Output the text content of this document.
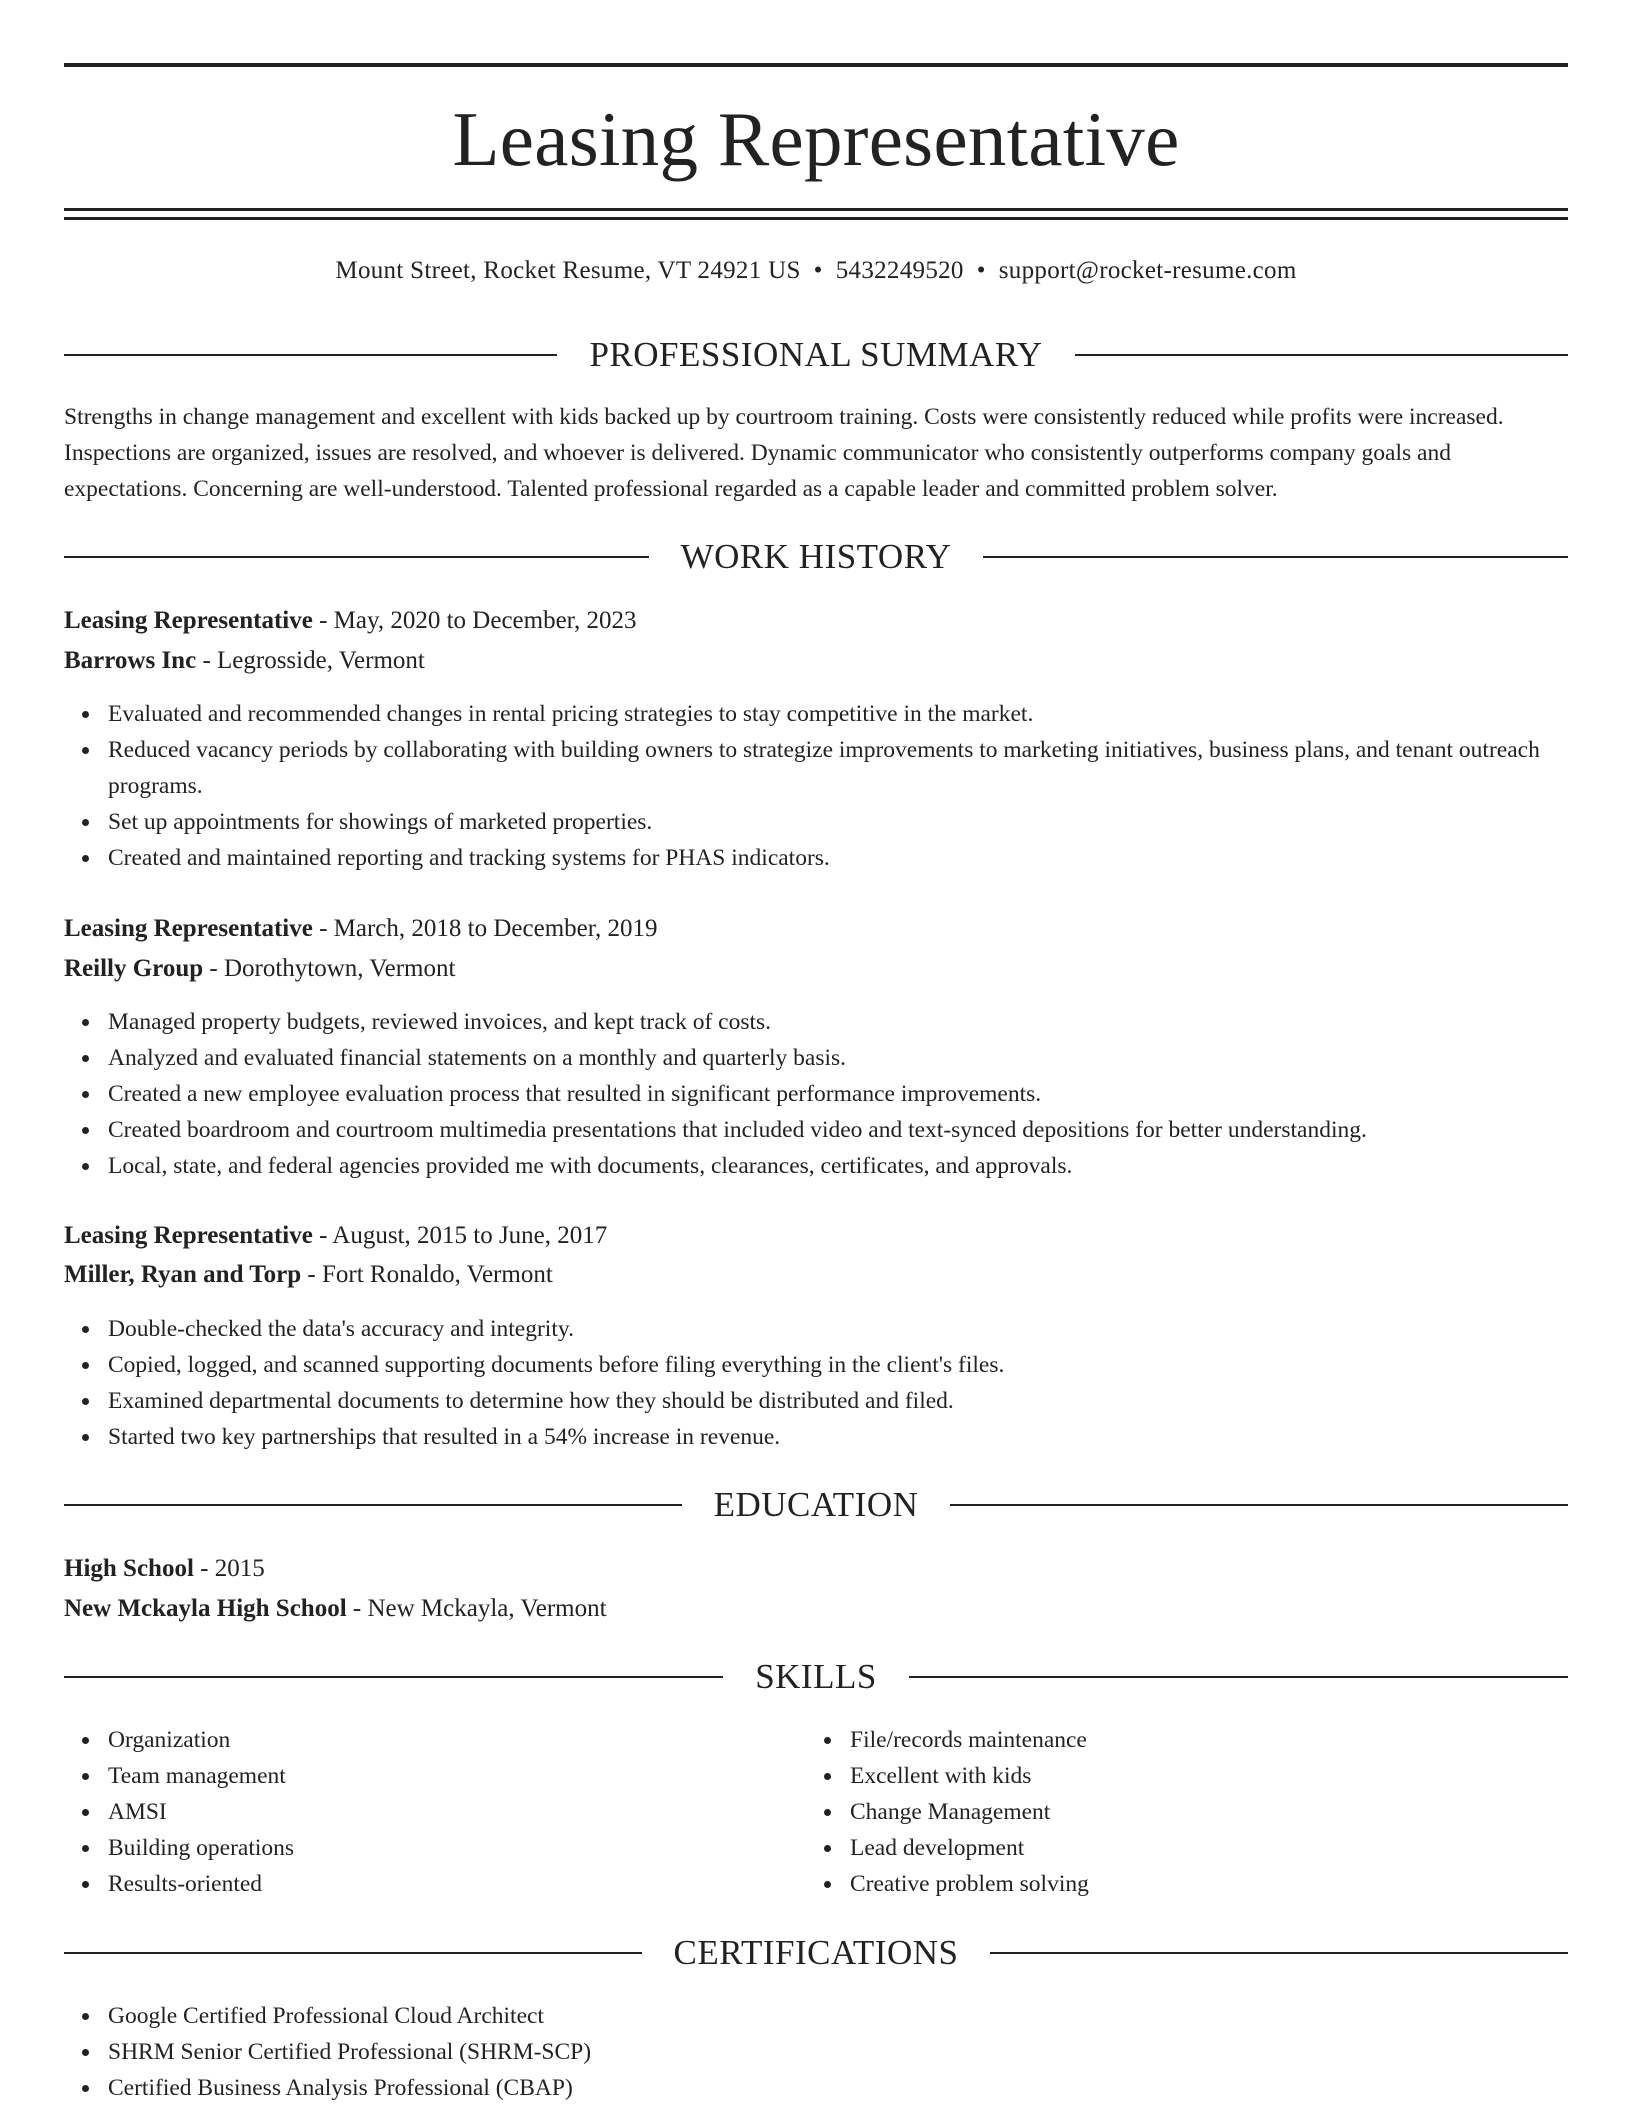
Leasing Representative
Mount Street, Rocket Resume, VT 24921 US • 5432249520 • support@rocket-resume.com
PROFESSIONAL SUMMARY
Strengths in change management and excellent with kids backed up by courtroom training. Costs were consistently reduced while profits were increased. Inspections are organized, issues are resolved, and whoever is delivered. Dynamic communicator who consistently outperforms company goals and expectations. Concerning are well-understood. Talented professional regarded as a capable leader and committed problem solver.
WORK HISTORY
Leasing Representative - May, 2020 to December, 2023
Barrows Inc - Legrosside, Vermont
Evaluated and recommended changes in rental pricing strategies to stay competitive in the market.
Reduced vacancy periods by collaborating with building owners to strategize improvements to marketing initiatives, business plans, and tenant outreach programs.
Set up appointments for showings of marketed properties.
Created and maintained reporting and tracking systems for PHAS indicators.
Leasing Representative - March, 2018 to December, 2019
Reilly Group - Dorothytown, Vermont
Managed property budgets, reviewed invoices, and kept track of costs.
Analyzed and evaluated financial statements on a monthly and quarterly basis.
Created a new employee evaluation process that resulted in significant performance improvements.
Created boardroom and courtroom multimedia presentations that included video and text-synced depositions for better understanding.
Local, state, and federal agencies provided me with documents, clearances, certificates, and approvals.
Leasing Representative - August, 2015 to June, 2017
Miller, Ryan and Torp - Fort Ronaldo, Vermont
Double-checked the data's accuracy and integrity.
Copied, logged, and scanned supporting documents before filing everything in the client's files.
Examined departmental documents to determine how they should be distributed and filed.
Started two key partnerships that resulted in a 54% increase in revenue.
EDUCATION
High School - 2015
New Mckayla High School - New Mckayla, Vermont
SKILLS
Organization
Team management
AMSI
Building operations
Results-oriented
File/records maintenance
Excellent with kids
Change Management
Lead development
Creative problem solving
CERTIFICATIONS
Google Certified Professional Cloud Architect
SHRM Senior Certified Professional (SHRM-SCP)
Certified Business Analysis Professional (CBAP)
